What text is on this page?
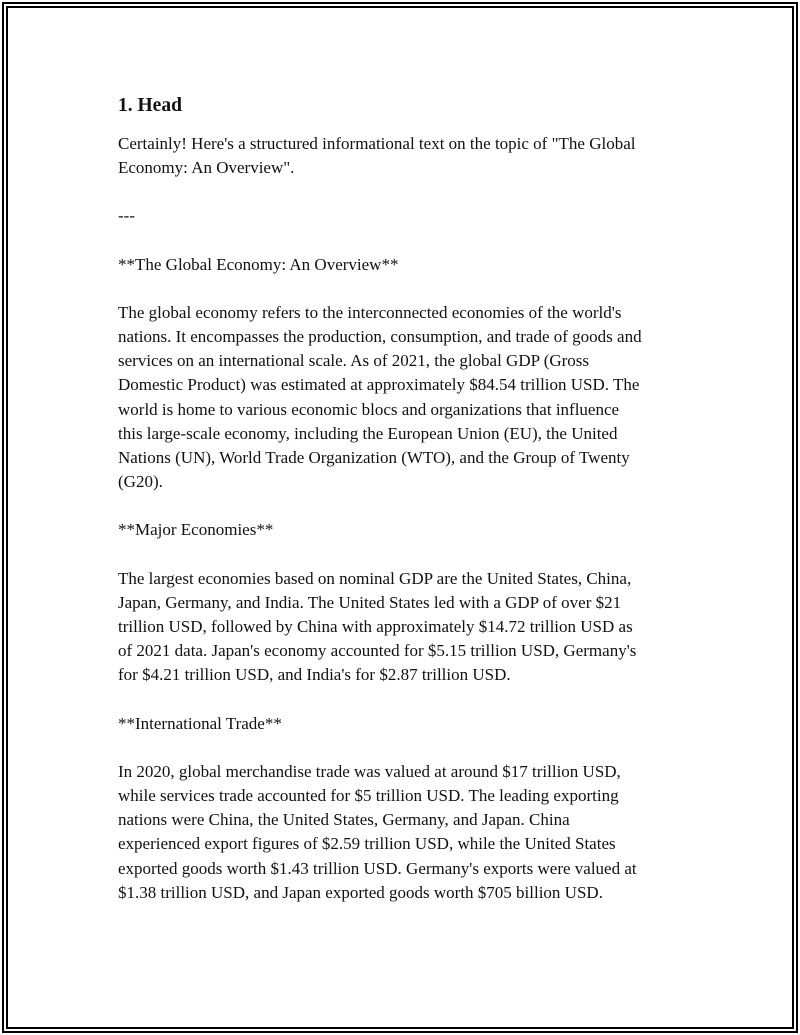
1. Head

Certainly! Here's a structured informational text on the topic of "The Global
Economy: An Overview".

---

**The Global Economy: An Overview**

The global economy refers to the interconnected economies of the world's
nations. It encompasses the production, consumption, and trade of goods and
services on an international scale. As of 2021, the global GDP (Gross
Domestic Product) was estimated at approximately $84.54 trillion USD. The
world is home to various economic blocs and organizations that influence
this large-scale economy, including the European Union (EU), the United
Nations (UN), World Trade Organization (WTO), and the Group of Twenty
(G20).

**Major Economies**

The largest economies based on nominal GDP are the United States, China,
Japan, Germany, and India. The United States led with a GDP of over $21
trillion USD, followed by China with approximately $14.72 trillion USD as
of 2021 data. Japan's economy accounted for $5.15 trillion USD, Germany's
for $4.21 trillion USD, and India's for $2.87 trillion USD.

**International Trade**

In 2020, global merchandise trade was valued at around $17 trillion USD,
while services trade accounted for $5 trillion USD. The leading exporting
nations were China, the United States, Germany, and Japan. China
experienced export figures of $2.59 trillion USD, while the United States
exported goods worth $1.43 trillion USD. Germany's exports were valued at
$1.38 trillion USD, and Japan exported goods worth $705 billion USD.
